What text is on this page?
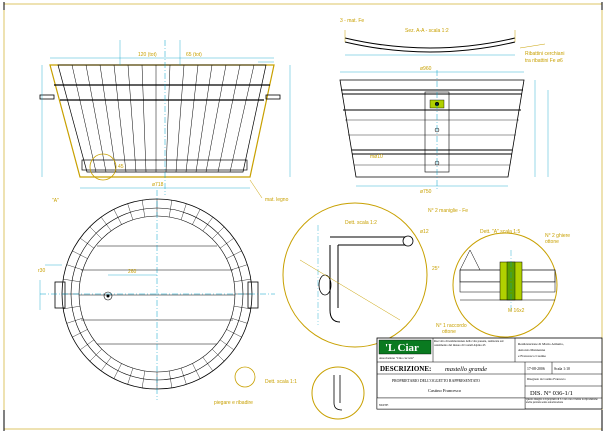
120 (tot)	65 (tot)
ø718
45
mat. legno
"A"
ø960
ø750
mø10
Sez. A-A - scala 1:2
3 - mat. Fe
Ribattini cerchiani
tra ribattini Fe ø6
260
r30
Dett. scala 1:2
N° 2 maniglie - Fe
ø12	Dett. "A" scala 1:5
N° 2 ghiere
ottone
25°
M 16x2
N° 1 raccordo
ottone
Dett. scala 1:1
piegare e ribadire
'L Ciar
Associazione "Cino cuc tela"
Raccolta di testimonianze della vita passata, realizzate sul censimento del museo di Castell Alpina 43	Realizzazione di Mario Armetto,
Antonio Mannanna
e Francesco Castino
DESCRIZIONE: mastello grande	17-08-2006 Scala 1:10
Disegnato da Castino Francesco
PROPRIETARIO DELL'OGGETTO RAPPRESENTATO
Castino Francesco	DIS. N° 036-1/1
Questo disegno è di proprietà di 'L Ciar e ne è vietata la riproduzione anche parziale senza autorizzazione
NOTE
